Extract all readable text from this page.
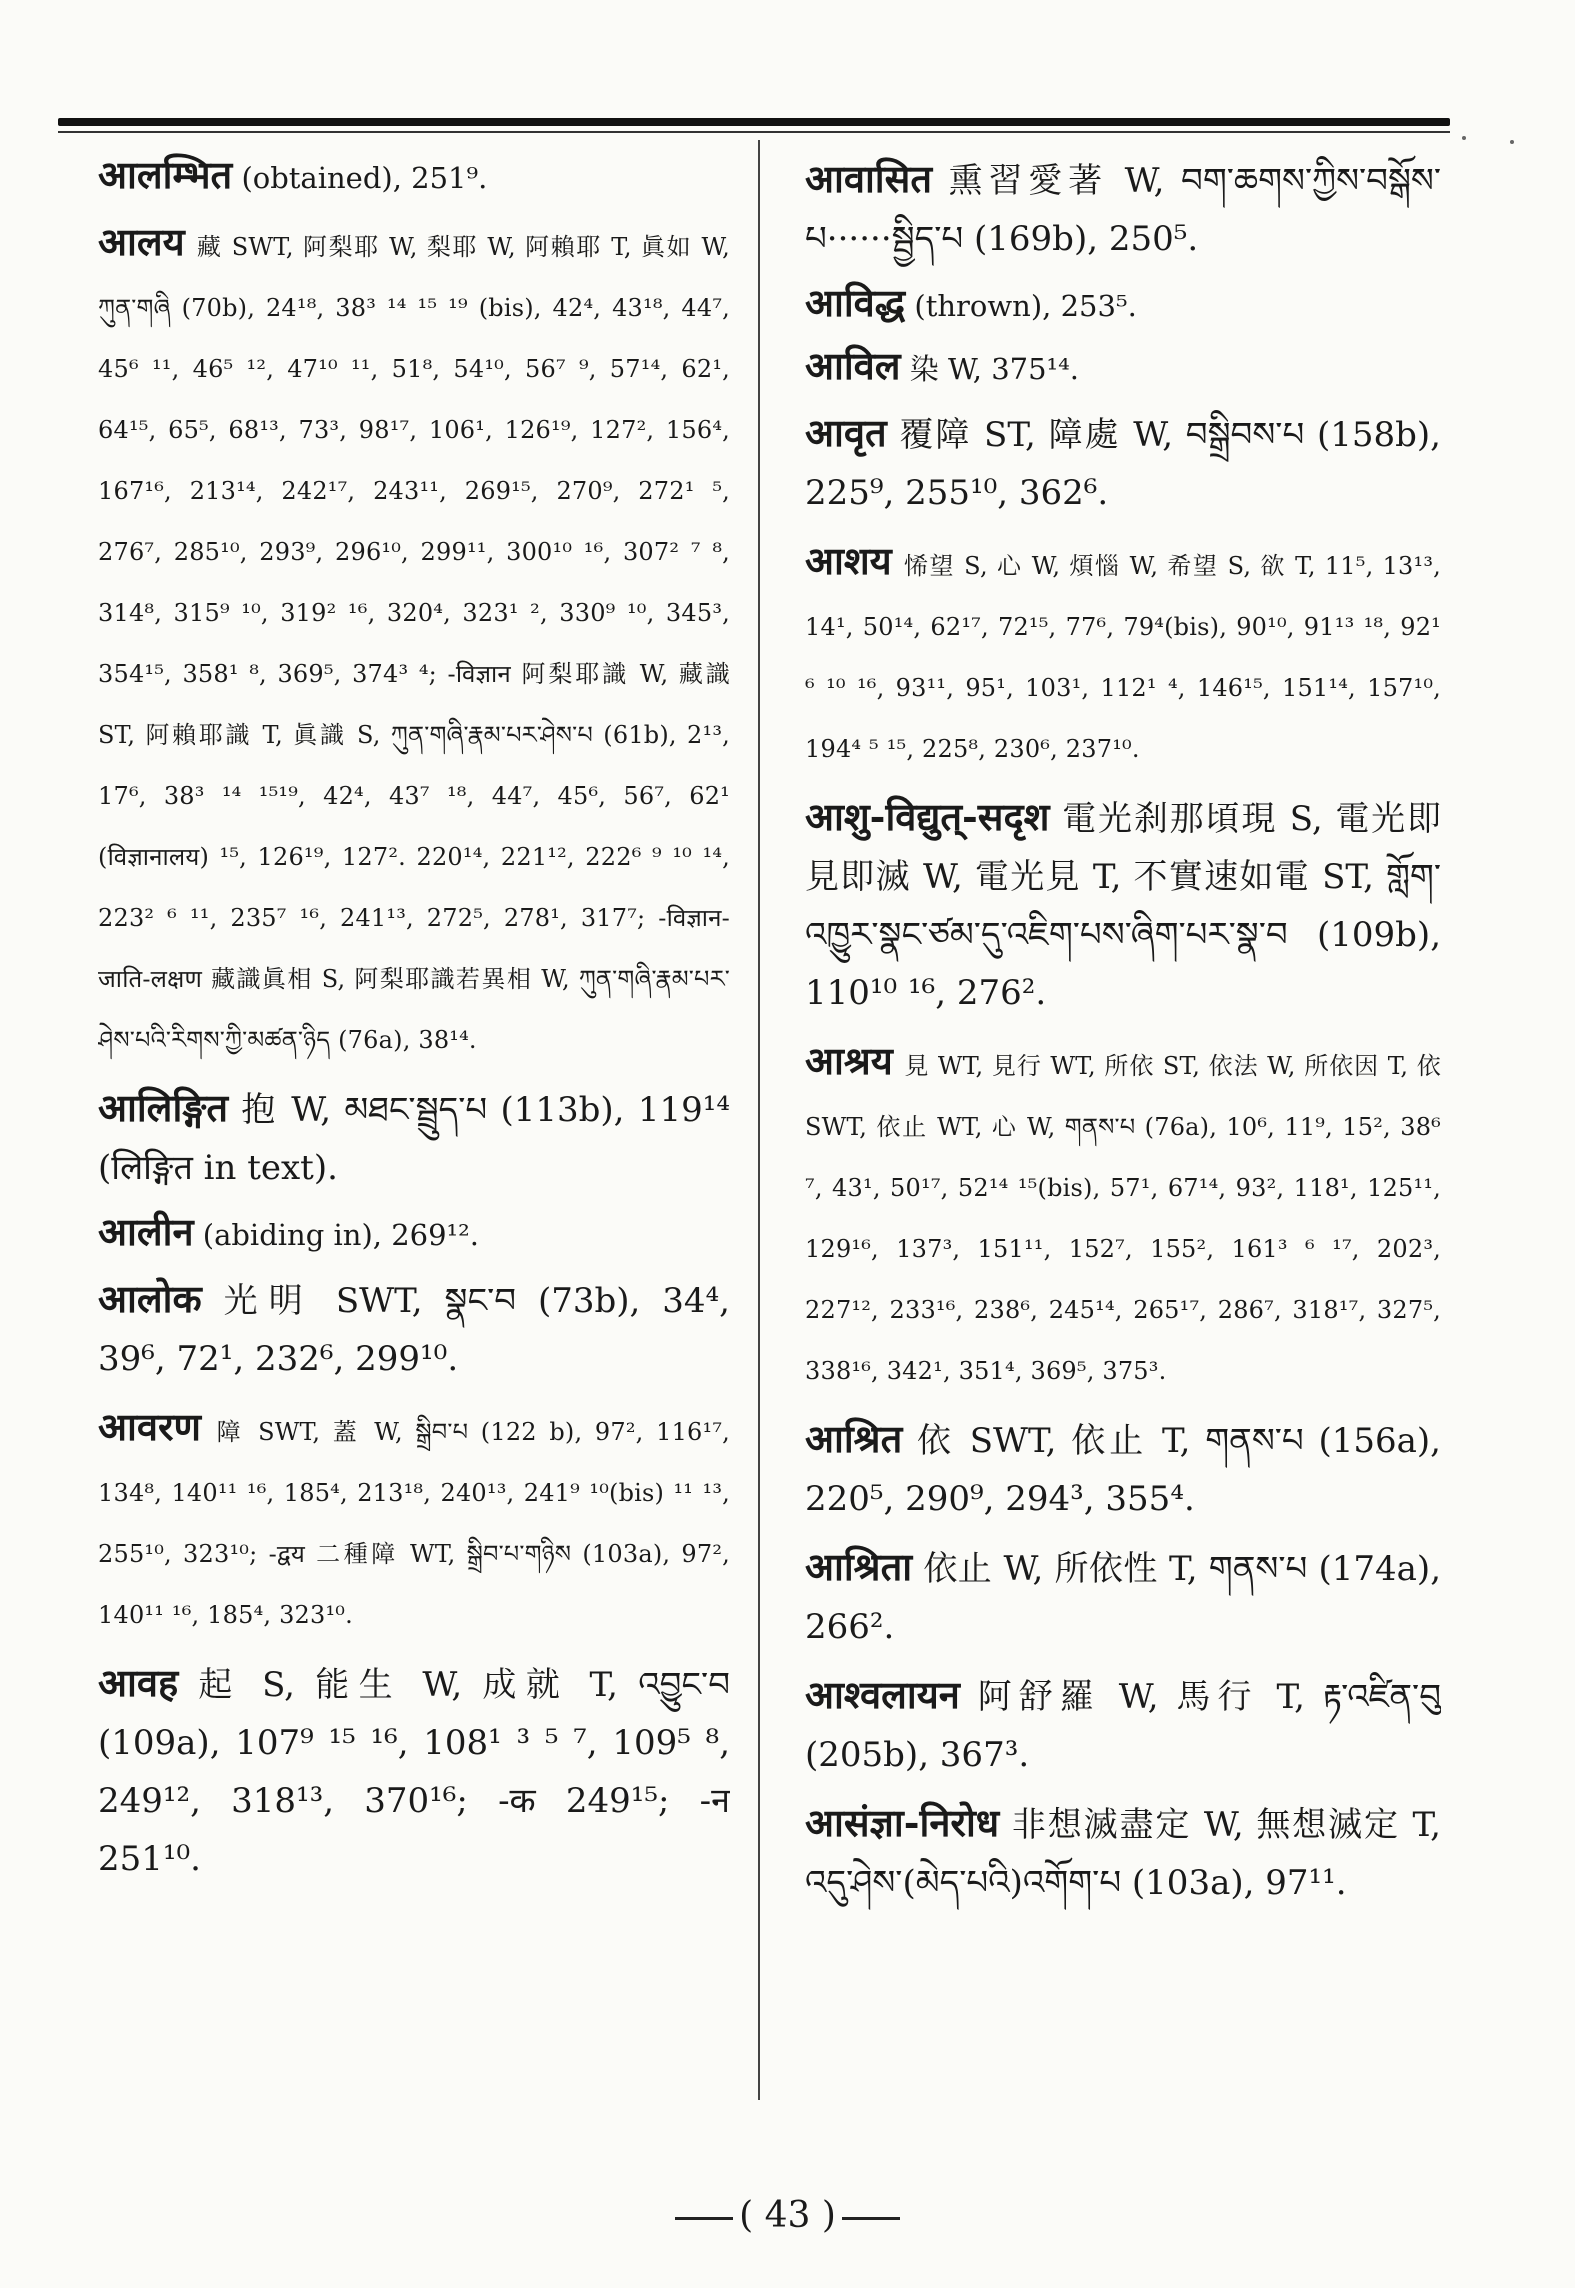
आलम्भित (obtained), 251⁹.
आलय 藏 SWT, 阿梨耶 W, 梨耶 W, 阿賴耶 T, 眞如 W, ཀུན་གཞི (70b), 24¹⁸, 38³ ¹⁴ ¹⁵ ¹⁹ (bis), 42⁴, 43¹⁸, 44⁷, 45⁶ ¹¹, 46⁵ ¹², 47¹⁰ ¹¹, 51⁸, 54¹⁰, 56⁷ ⁹, 57¹⁴, 62¹, 64¹⁵, 65⁵, 68¹³, 73³, 98¹⁷, 106¹, 126¹⁹, 127², 156⁴, 167¹⁶, 213¹⁴, 242¹⁷, 243¹¹, 269¹⁵, 270⁹, 272¹ ⁵, 276⁷, 285¹⁰, 293⁹, 296¹⁰, 299¹¹, 300¹⁰ ¹⁶, 307² ⁷ ⁸, 314⁸, 315⁹ ¹⁰, 319² ¹⁶, 320⁴, 323¹ ², 330⁹ ¹⁰, 345³, 354¹⁵, 358¹ ⁸, 369⁵, 374³ ⁴; -विज्ञान 阿梨耶識 W, 藏識 ST, 阿賴耶識 T, 眞識 S, ཀུན་གཞི་རྣམ་པར་ཤེས་པ (61b), 2¹³, 17⁶, 38³ ¹⁴ ¹⁵¹⁹, 42⁴, 43⁷ ¹⁸, 44⁷, 45⁶, 56⁷, 62¹ (विज्ञानालय) ¹⁵, 126¹⁹, 127². 220¹⁴, 221¹², 222⁶ ⁹ ¹⁰ ¹⁴, 223² ⁶ ¹¹, 235⁷ ¹⁶, 241¹³, 272⁵, 278¹, 317⁷; -विज्ञान-जाति-लक्षण 藏識眞相 S, 阿梨耶識若異相 W, ཀུན་གཞི་རྣམ་པར་ཤེས་པའི་རིགས་ཀྱི་མཚན་ཉིད (76a), 38¹⁴.
आलिङ्गित 抱 W, མཐང་སྦྲུད་པ (113b), 119¹⁴ (लिङ्गित in text).
आलीन (abiding in), 269¹².
आलोक 光明 SWT, སྣང་བ (73b), 34⁴, 39⁶, 72¹, 232⁶, 299¹⁰.
आवरण 障 SWT, 蓋 W, སྒྲིབ་པ (122 b), 97², 116¹⁷, 134⁸, 140¹¹ ¹⁶, 185⁴, 213¹⁸, 240¹³, 241⁹ ¹⁰(bis) ¹¹ ¹³, 255¹⁰, 323¹⁰; -द्वय 二種障 WT, སྒྲིབ་པ་གཉིས (103a), 97², 140¹¹ ¹⁶, 185⁴, 323¹⁰.
आवह 起 S, 能生 W, 成就 T, འབྱུང་བ (109a), 107⁹ ¹⁵ ¹⁶, 108¹ ³ ⁵ ⁷, 109⁵ ⁸, 249¹², 318¹³, 370¹⁶; -क 249¹⁵; -न 251¹⁰.
आवासित 熏習愛著 W, བག་ཆགས་ཀྱིས་བསྒོས་པ······སྦྱིད་པ (169b), 250⁵.
आविद्ध (thrown), 253⁵.
आविल 染 W, 375¹⁴.
आवृत 覆障 ST, 障處 W, བསྒྲིབས་པ (158b), 225⁹, 255¹⁰, 362⁶.
आशय 悕望 S, 心 W, 煩惱 W, 希望 S, 欲 T, 11⁵, 13¹³, 14¹, 50¹⁴, 62¹⁷, 72¹⁵, 77⁶, 79⁴(bis), 90¹⁰, 91¹³ ¹⁸, 92¹ ⁶ ¹⁰ ¹⁶, 93¹¹, 95¹, 103¹, 112¹ ⁴, 146¹⁵, 151¹⁴, 157¹⁰, 194⁴ ⁵ ¹⁵, 225⁸, 230⁶, 237¹⁰.
आशु-विद्युत्-सदृश 電光刹那頃現 S, 電光即見即滅 W, 電光見 T, 不實速如電 ST, གློག་འཁྱུར་སྣང་ཙམ་དུ་འཇིག་པས་ཞིག་པར་སྣ་བ (109b), 110¹⁰ ¹⁶, 276².
आश्रय 見 WT, 見行 WT, 所依 ST, 依法 W, 所依因 T, 依 SWT, 依止 WT, 心 W, གནས་པ (76a), 10⁶, 11⁹, 15², 38⁶ ⁷, 43¹, 50¹⁷, 52¹⁴ ¹⁵(bis), 57¹, 67¹⁴, 93², 118¹, 125¹¹, 129¹⁶, 137³, 151¹¹, 152⁷, 155², 161³ ⁶ ¹⁷, 202³, 227¹², 233¹⁶, 238⁶, 245¹⁴, 265¹⁷, 286⁷, 318¹⁷, 327⁵, 338¹⁶, 342¹, 351⁴, 369⁵, 375³.
आश्रित 依 SWT, 依止 T, གནས་པ (156a), 220⁵, 290⁹, 294³, 355⁴.
आश्रिता 依止 W, 所依性 T, གནས་པ (174a), 266².
आश्वलायन 阿舒羅 W, 馬行 T, རྟ་འཛིན་བུ (205b), 367³.
आसंज्ञा-निरोध 非想滅盡定 W, 無想滅定 T, འདུ་ཤེས་(མེད་པའི)འགོག་པ (103a), 97¹¹.
( 43 )
